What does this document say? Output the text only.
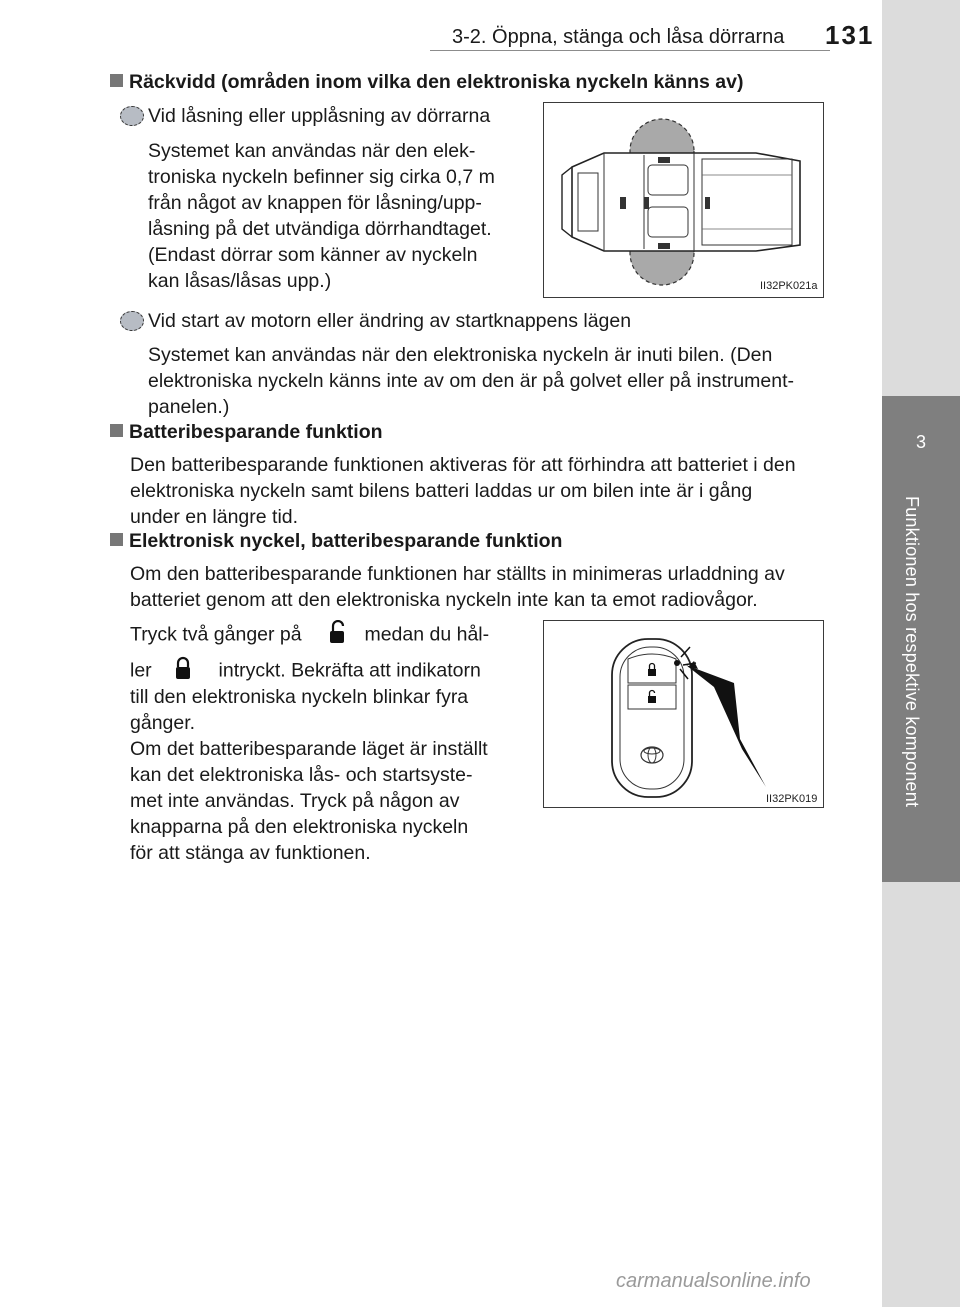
3
Funktionen hos respektive komponent
3-2. Öppna, stänga och låsa dörrarna 131
Räckvidd (områden inom vilka den elektroniska nyckeln känns av)
Vid låsning eller upplåsning av dörrarna
Systemet kan användas när den elek-
troniska nyckeln befinner sig cirka 0,7 m
från något av knappen för låsning/upp-
låsning på det utvändiga dörrhandtaget.
(Endast dörrar som känner av nyckeln
kan låsas/låsas upp.)	II32PK021a
Vid start av motorn eller ändring av startknappens lägen
Systemet kan användas när den elektroniska nyckeln är inuti bilen. (Den
elektroniska nyckeln känns inte av om den är på golvet eller på instrument-
panelen.)
Batteribesparande funktion
Den batteribesparande funktionen aktiveras för att förhindra att batteriet i den
elektroniska nyckeln samt bilens batteri laddas ur om bilen inte är i gång
under en längre tid.
Elektronisk nyckel, batteribesparande funktion
Om den batteribesparande funktionen har ställts in minimeras urladdning av
batteriet genom att den elektroniska nyckeln inte kan ta emot radiovågor.
Tryck två gånger på	medan du hål-
ler	intryckt. Bekräfta att indikatorn
till den elektroniska nyckeln blinkar fyra
gånger.
Om det batteribesparande läget är inställt
kan det elektroniska lås- och startsyste-
met inte användas. Tryck på någon av
knapparna på den elektroniska nyckeln
för att stänga av funktionen.
II32PK019
carmanualsonline.info
